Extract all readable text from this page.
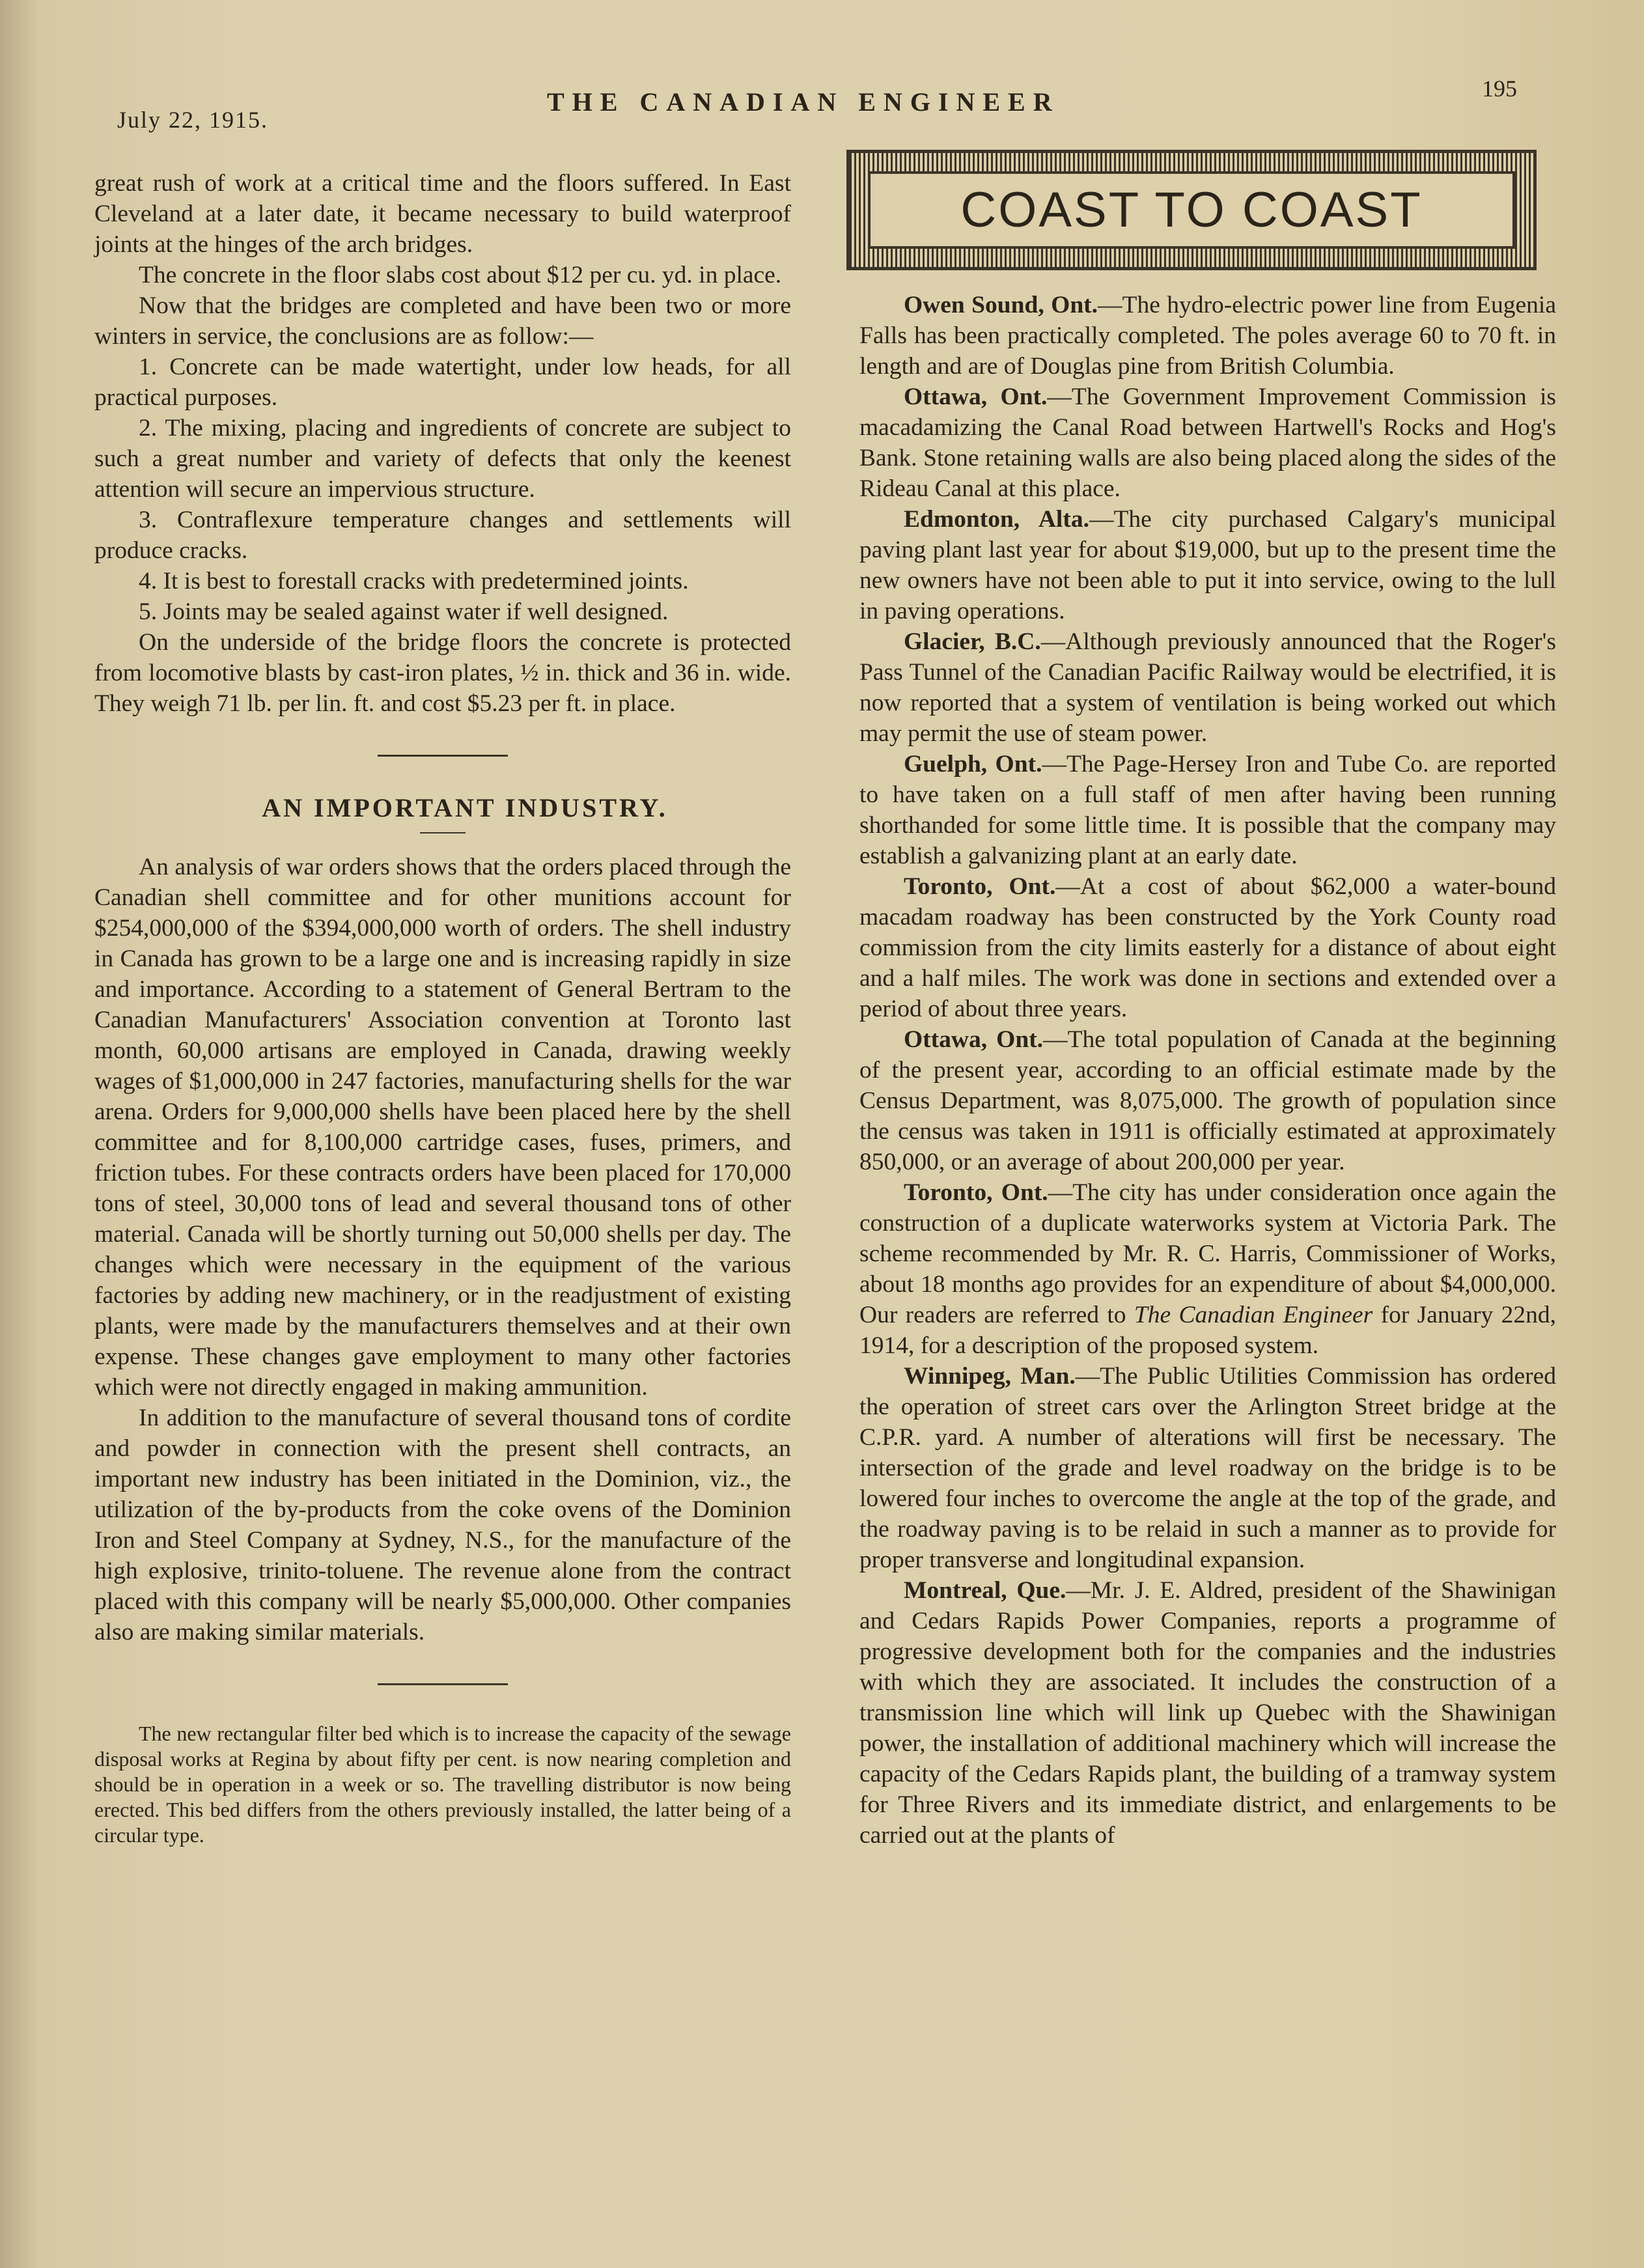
July 22, 1915.
THE CANADIAN ENGINEER	195

great rush of work at a critical time and the floors suffered. In East Cleveland at a later date, it became necessary to build waterproof joints at the hinges of the arch bridges.

The concrete in the floor slabs cost about $12 per cu. yd. in place.

Now that the bridges are completed and have been two or more winters in service, the conclusions are as follow:—

1. Concrete can be made watertight, under low heads, for all practical purposes.

2. The mixing, placing and ingredients of concrete are subject to such a great number and variety of defects that only the keenest attention will secure an impervious structure.

3. Contraflexure temperature changes and settlements will produce cracks.

4. It is best to forestall cracks with predetermined joints.

5. Joints may be sealed against water if well designed.

On the underside of the bridge floors the concrete is protected from locomotive blasts by cast-iron plates, ½ in. thick and 36 in. wide. They weigh 71 lb. per lin. ft. and cost $5.23 per ft. in place.

AN IMPORTANT INDUSTRY.

An analysis of war orders shows that the orders placed through the Canadian shell committee and for other munitions account for $254,000,000 of the $394,000,000 worth of orders. The shell industry in Canada has grown to be a large one and is increasing rapidly in size and importance. According to a statement of General Bertram to the Canadian Manufacturers' Association convention at Toronto last month, 60,000 artisans are employed in Canada, drawing weekly wages of $1,000,000 in 247 factories, manufacturing shells for the war arena. Orders for 9,000,000 shells have been placed here by the shell committee and for 8,100,000 cartridge cases, fuses, primers, and friction tubes. For these contracts orders have been placed for 170,000 tons of steel, 30,000 tons of lead and several thousand tons of other material. Canada will be shortly turning out 50,000 shells per day. The changes which were necessary in the equipment of the various factories by adding new machinery, or in the readjustment of existing plants, were made by the manufacturers themselves and at their own expense. These changes gave employment to many other factories which were not directly engaged in making ammunition.

In addition to the manufacture of several thousand tons of cordite and powder in connection with the present shell contracts, an important new industry has been initiated in the Dominion, viz., the utilization of the by-products from the coke ovens of the Dominion Iron and Steel Company at Sydney, N.S., for the manufacture of the high explosive, trinito-toluene. The revenue alone from the contract placed with this company will be nearly $5,000,000. Other companies also are making similar materials.

The new rectangular filter bed which is to increase the capacity of the sewage disposal works at Regina by about fifty per cent. is now nearing completion and should be in operation in a week or so. The travelling distributor is now being erected. This bed differs from the others previously installed, the latter being of a circular type.

COAST TO COAST

Owen Sound, Ont.—The hydro-electric power line from Eugenia Falls has been practically completed. The poles average 60 to 70 ft. in length and are of Douglas pine from British Columbia.

Ottawa, Ont.—The Government Improvement Commission is macadamizing the Canal Road between Hartwell's Rocks and Hog's Bank. Stone retaining walls are also being placed along the sides of the Rideau Canal at this place.

Edmonton, Alta.—The city purchased Calgary's municipal paving plant last year for about $19,000, but up to the present time the new owners have not been able to put it into service, owing to the lull in paving operations.

Glacier, B.C.—Although previously announced that the Roger's Pass Tunnel of the Canadian Pacific Railway would be electrified, it is now reported that a system of ventilation is being worked out which may permit the use of steam power.

Guelph, Ont.—The Page-Hersey Iron and Tube Co. are reported to have taken on a full staff of men after having been running shorthanded for some little time. It is possible that the company may establish a galvanizing plant at an early date.

Toronto, Ont.—At a cost of about $62,000 a water-bound macadam roadway has been constructed by the York County road commission from the city limits easterly for a distance of about eight and a half miles. The work was done in sections and extended over a period of about three years.

Ottawa, Ont.—The total population of Canada at the beginning of the present year, according to an official estimate made by the Census Department, was 8,075,000. The growth of population since the census was taken in 1911 is officially estimated at approximately 850,000, or an average of about 200,000 per year.

Toronto, Ont.—The city has under consideration once again the construction of a duplicate waterworks system at Victoria Park. The scheme recommended by Mr. R. C. Harris, Commissioner of Works, about 18 months ago provides for an expenditure of about $4,000,000. Our readers are referred to The Canadian Engineer for January 22nd, 1914, for a description of the proposed system.

Winnipeg, Man.—The Public Utilities Commission has ordered the operation of street cars over the Arlington Street bridge at the C.P.R. yard. A number of alterations will first be necessary. The intersection of the grade and level roadway on the bridge is to be lowered four inches to overcome the angle at the top of the grade, and the roadway paving is to be relaid in such a manner as to provide for proper transverse and longitudinal expansion.

Montreal, Que.—Mr. J. E. Aldred, president of the Shawinigan and Cedars Rapids Power Companies, reports a programme of progressive development both for the companies and the industries with which they are associated. It includes the construction of a transmission line which will link up Quebec with the Shawinigan power, the installation of additional machinery which will increase the capacity of the Cedars Rapids plant, the building of a tramway system for Three Rivers and its immediate district, and enlargements to be carried out at the plants of
